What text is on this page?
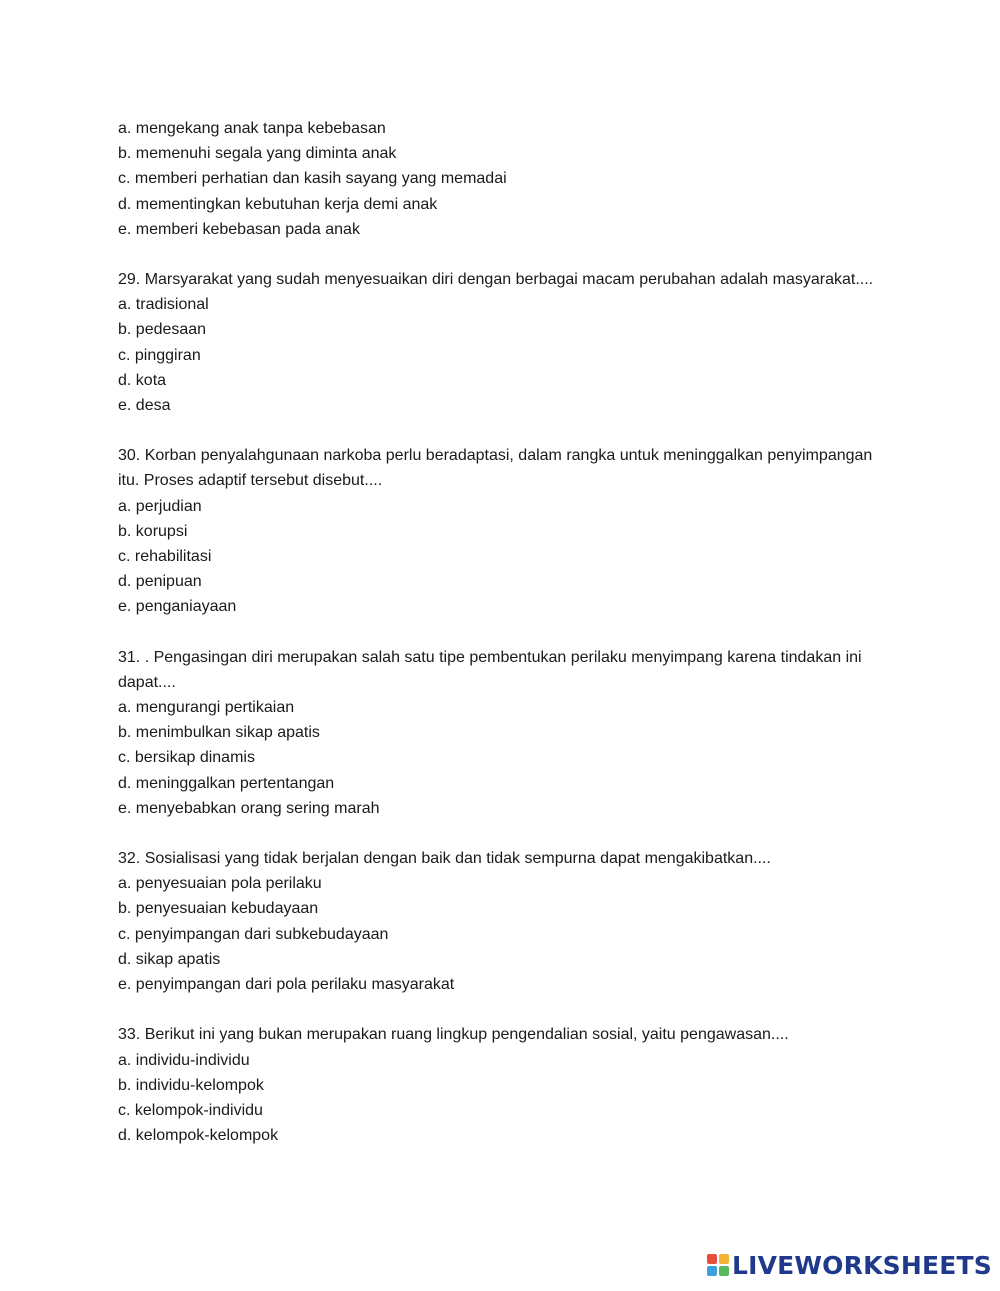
a. mengekang anak tanpa kebebasan
b. memenuhi segala yang diminta anak
c. memberi perhatian dan kasih sayang yang memadai
d. mementingkan kebutuhan kerja demi anak
e. memberi kebebasan pada anak
29. Marsyarakat yang sudah menyesuaikan diri dengan berbagai macam perubahan adalah masyarakat....
a. tradisional
b. pedesaan
c. pinggiran
d. kota
e. desa
30. Korban penyalahgunaan narkoba perlu beradaptasi, dalam rangka untuk meninggalkan penyimpangan itu. Proses adaptif tersebut disebut....
a. perjudian
b. korupsi
c. rehabilitasi
d. penipuan
e. penganiayaan
31. . Pengasingan diri merupakan salah satu tipe pembentukan perilaku menyimpang karena tindakan ini dapat....
a. mengurangi pertikaian
b. menimbulkan sikap apatis
c. bersikap dinamis
d. meninggalkan pertentangan
e. menyebabkan orang sering marah
32. Sosialisasi yang tidak berjalan dengan baik dan tidak sempurna dapat mengakibatkan....
a. penyesuaian pola perilaku
b. penyesuaian kebudayaan
c. penyimpangan dari subkebudayaan
d. sikap apatis
e. penyimpangan dari pola perilaku masyarakat
33. Berikut ini yang bukan merupakan ruang lingkup pengendalian sosial, yaitu pengawasan....
a. individu-individu
b. individu-kelompok
c. kelompok-individu
d. kelompok-kelompok
LIVEWORKSHEETS
